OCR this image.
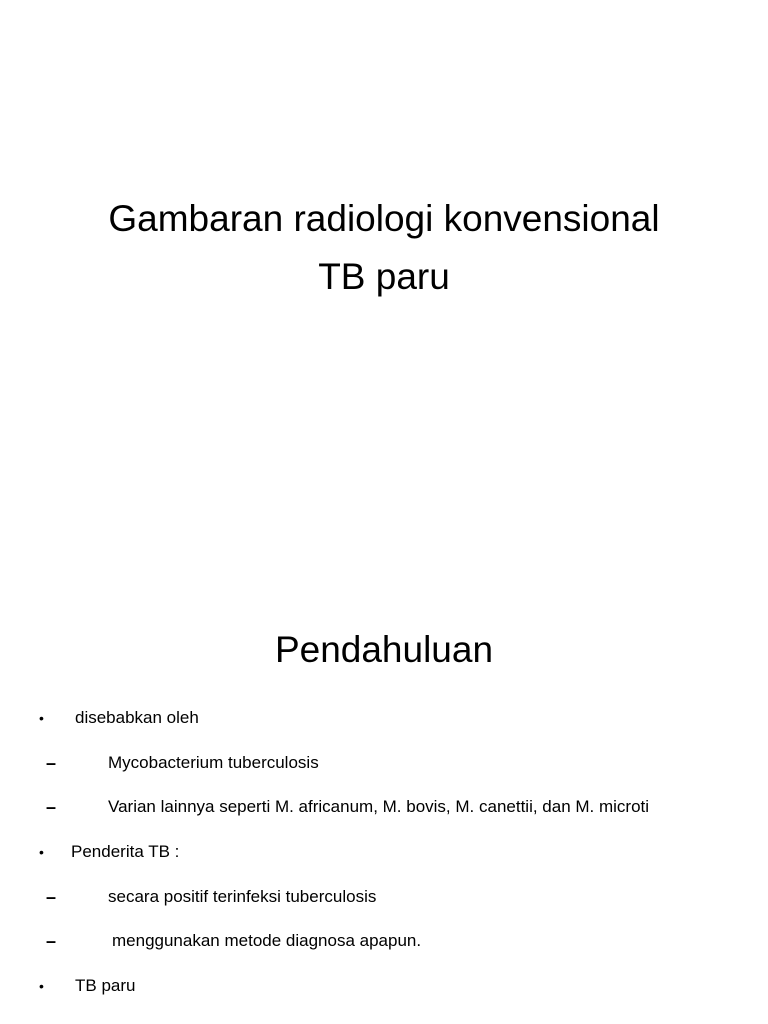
Gambaran radiologi konvensional
TB paru
Pendahuluan
• disebabkan oleh
–	Mycobacterium tuberculosis
–	Varian lainnya seperti M. africanum, M. bovis, M. canettii, dan M. microti
• Penderita TB :
–	secara positif terinfeksi tuberculosis
–	menggunakan metode diagnosa apapun.
• TB paru
